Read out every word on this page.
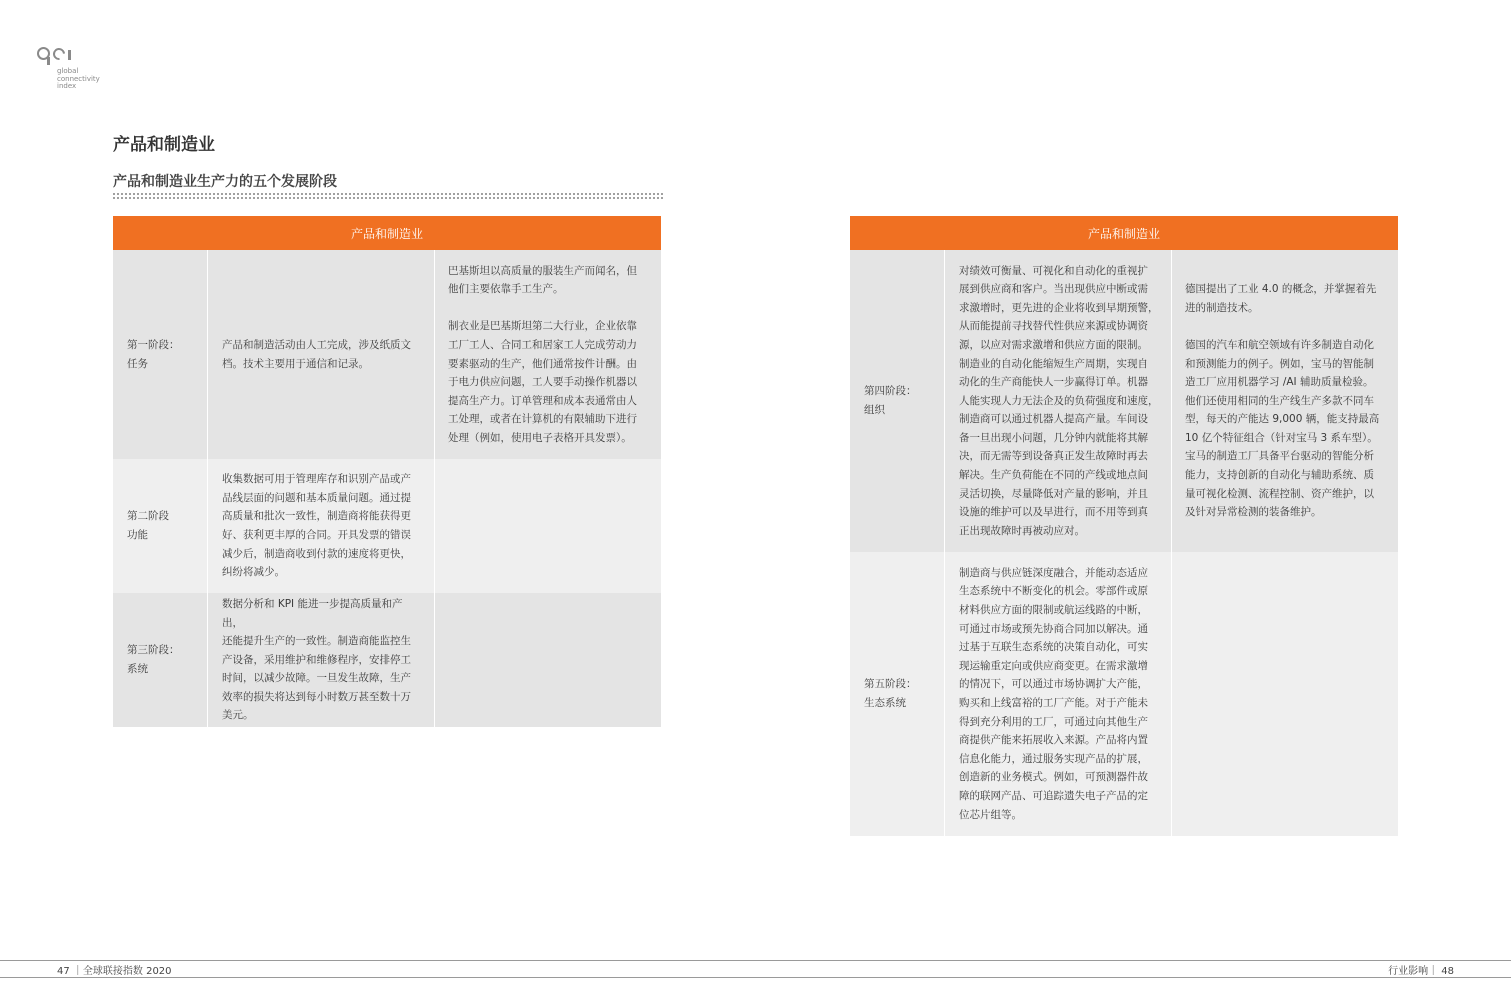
global
connectivity
index
产品和制造业
产品和制造业生产力的五个发展阶段
产品和制造业
第一阶段：
任务
产品和制造活动由人工完成，涉及纸质文
档。技术主要用于通信和记录。
巴基斯坦以高质量的服装生产而闻名，但
他们主要依靠手工生产。
制衣业是巴基斯坦第二大行业，企业依靠
工厂工人、合同工和居家工人完成劳动力
要素驱动的生产，他们通常按件计酬。由
于电力供应问题，工人要手动操作机器以
提高生产力。订单管理和成本表通常由人
工处理，或者在计算机的有限辅助下进行
处理（例如，使用电子表格开具发票）。
第二阶段
功能
收集数据可用于管理库存和识别产品或产
品线层面的问题和基本质量问题。通过提
高质量和批次一致性，制造商将能获得更
好、获利更丰厚的合同。开具发票的错误
减少后，制造商收到付款的速度将更快，
纠纷将减少。
第三阶段：
系统
数据分析和 KPI 能进一步提高质量和产出，
还能提升生产的一致性。制造商能监控生
产设备，采用维护和维修程序，安排停工
时间，以减少故障。一旦发生故障，生产
效率的损失将达到每小时数万甚至数十万
美元。
产品和制造业
第四阶段：
组织
对绩效可衡量、可视化和自动化的重视扩
展到供应商和客户。当出现供应中断或需
求激增时，更先进的企业将收到早期预警，
从而能提前寻找替代性供应来源或协调资
源，以应对需求激增和供应方面的限制。
制造业的自动化能缩短生产周期，实现自
动化的生产商能快人一步赢得订单。机器
人能实现人力无法企及的负荷强度和速度，
制造商可以通过机器人提高产量。车间设
备一旦出现小问题，几分钟内就能将其解
决，而无需等到设备真正发生故障时再去
解决。生产负荷能在不同的产线或地点间
灵活切换，尽量降低对产量的影响，并且
设施的维护可以及早进行，而不用等到真
正出现故障时再被动应对。
德国提出了工业 4.0 的概念，并掌握着先
进的制造技术。
德国的汽车和航空领域有许多制造自动化
和预测能力的例子。例如，宝马的智能制
造工厂应用机器学习 /AI 辅助质量检验。
他们还使用相同的生产线生产多款不同车
型，每天的产能达 9,000 辆，能支持最高
10 亿个特征组合（针对宝马 3 系车型）。
宝马的制造工厂具备平台驱动的智能分析
能力，支持创新的自动化与辅助系统、质
量可视化检测、流程控制、资产维护，以
及针对异常检测的装备维护。
第五阶段：
生态系统
制造商与供应链深度融合，并能动态适应
生态系统中不断变化的机会。零部件或原
材料供应方面的限制或航运线路的中断，
可通过市场或预先协商合同加以解决。通
过基于互联生态系统的决策自动化，可实
现运输重定向或供应商变更。在需求激增
的情况下，可以通过市场协调扩大产能，
购买和上线富裕的工厂产能。对于产能未
得到充分利用的工厂，可通过向其他生产
商提供产能来拓展收入来源。产品将内置
信息化能力，通过服务实现产品的扩展，
创造新的业务模式。例如，可预测器件故
障的联网产品、可追踪遗失电子产品的定
位芯片组等。
47 ｜全球联接指数 2020	行业影响｜ 48
